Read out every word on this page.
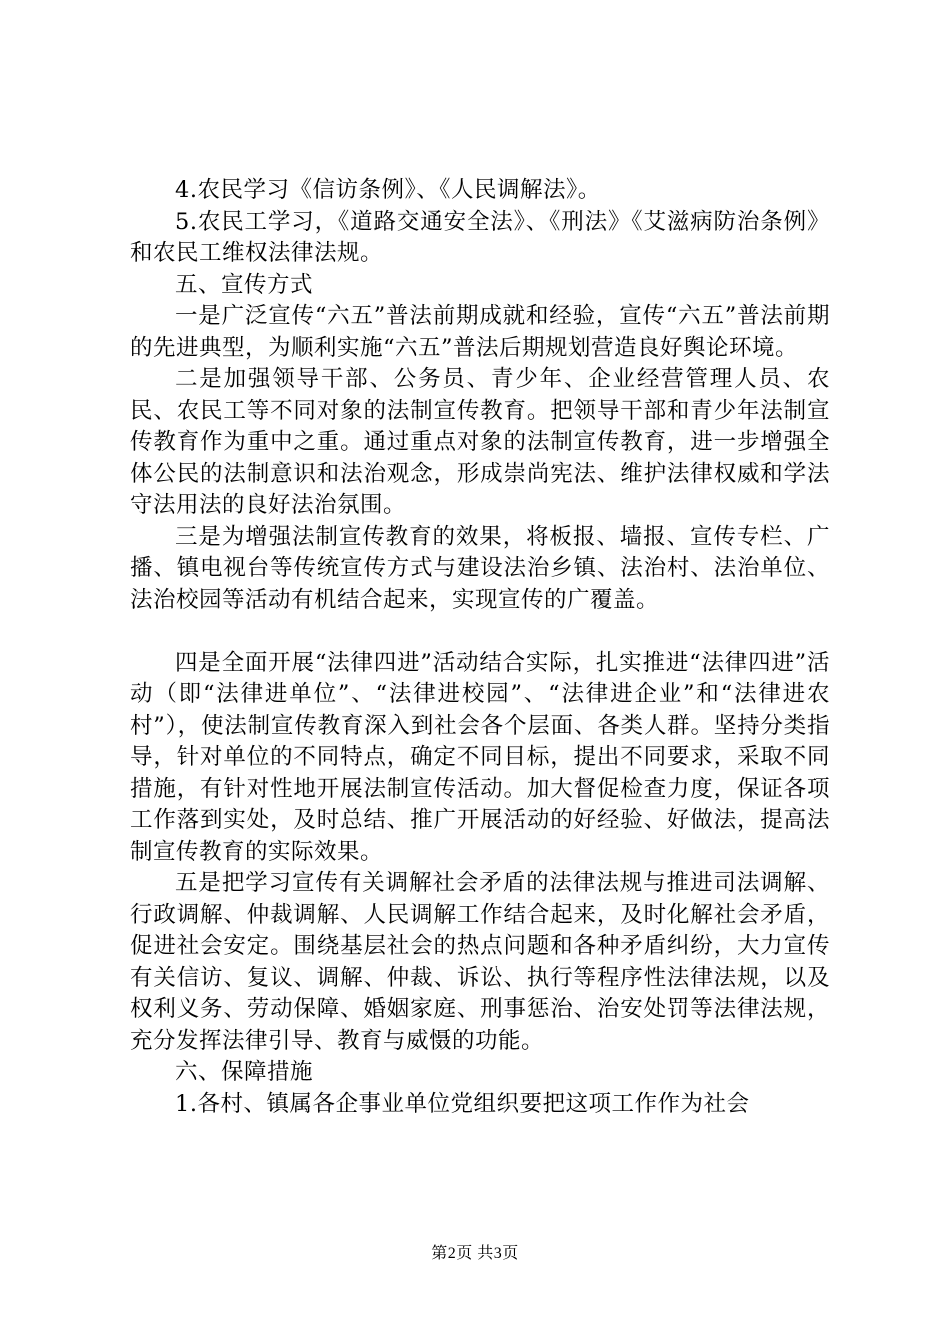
4.农民学习《信访条例》、《人民调解法》。

5.农民工学习，《道路交通安全法》、《刑法》《艾滋病防治条例》和农民工维权法律法规。

五、宣传方式

一是广泛宣传“六五”普法前期成就和经验，宣传“六五”普法前期的先进典型，为顺利实施“六五”普法后期规划营造良好舆论环境。

二是加强领导干部、公务员、青少年、企业经营管理人员、农民、农民工等不同对象的法制宣传教育。把领导干部和青少年法制宣传教育作为重中之重。通过重点对象的法制宣传教育，进一步增强全体公民的法制意识和法治观念，形成崇尚宪法、维护法律权威和学法守法用法的良好法治氛围。

三是为增强法制宣传教育的效果，将板报、墙报、宣传专栏、广播、镇电视台等传统宣传方式与建设法治乡镇、法治村、法治单位、法治校园等活动有机结合起来，实现宣传的广覆盖。

四是全面开展“法律四进”活动结合实际，扎实推进“法律四进”活动（即“法律进单位”、“法律进校园”、“法律进企业”和“法律进农村”），使法制宣传教育深入到社会各个层面、各类人群。坚持分类指导，针对单位的不同特点，确定不同目标，提出不同要求，采取不同措施，有针对性地开展法制宣传活动。加大督促检查力度，保证各项工作落到实处，及时总结、推广开展活动的好经验、好做法，提高法制宣传教育的实际效果。

五是把学习宣传有关调解社会矛盾的法律法规与推进司法调解、行政调解、仲裁调解、人民调解工作结合起来，及时化解社会矛盾，促进社会安定。围绕基层社会的热点问题和各种矛盾纠纷，大力宣传有关信访、复议、调解、仲裁、诉讼、执行等程序性法律法规，以及权利义务、劳动保障、婚姻家庭、刑事惩治、治安处罚等法律法规，充分发挥法律引导、教育与威慑的功能。

六、保障措施

1.各村、镇属各企事业单位党组织要把这项工作作为社会

第2页 共3页
